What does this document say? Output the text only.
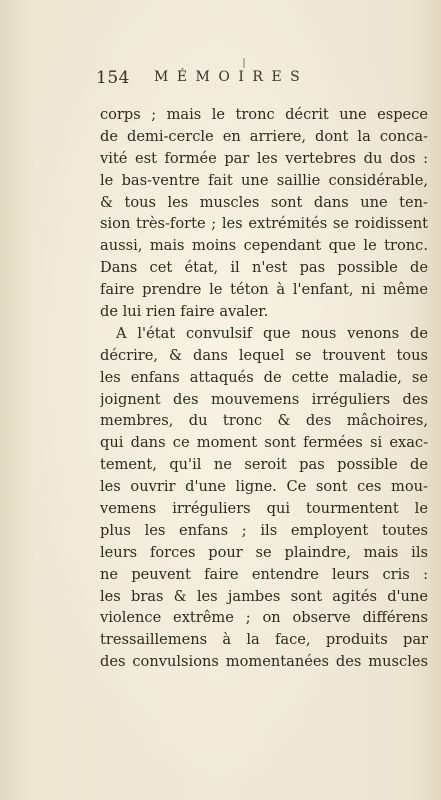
154 MÉMOIRES
corps ; mais le tronc décrit une espece
de demi-cercle en arriere, dont la conca-
vité est formée par les vertebres du dos :
le bas-ventre fait une saillie considérable,
& tous les muscles sont dans une ten-
sion très-forte ; les extrémités se roidissent
aussi, mais moins cependant que le tronc.
Dans cet état, il n'est pas possible de
faire prendre le téton à l'enfant, ni même
de lui rien faire avaler.
A l'état convulsif que nous venons de
décrire, & dans lequel se trouvent tous
les enfans attaqués de cette maladie, se
joignent des mouvemens irréguliers des
membres, du tronc & des mâchoires,
qui dans ce moment sont fermées si exac-
tement, qu'il ne seroit pas possible de
les ouvrir d'une ligne. Ce sont ces mou-
vemens irréguliers qui tourmentent le
plus les enfans ; ils employent toutes
leurs forces pour se plaindre, mais ils
ne peuvent faire entendre leurs cris :
les bras & les jambes sont agités d'une
violence extrême ; on observe différens
tressaillemens à la face, produits par
des convulsions momentanées des muscles
